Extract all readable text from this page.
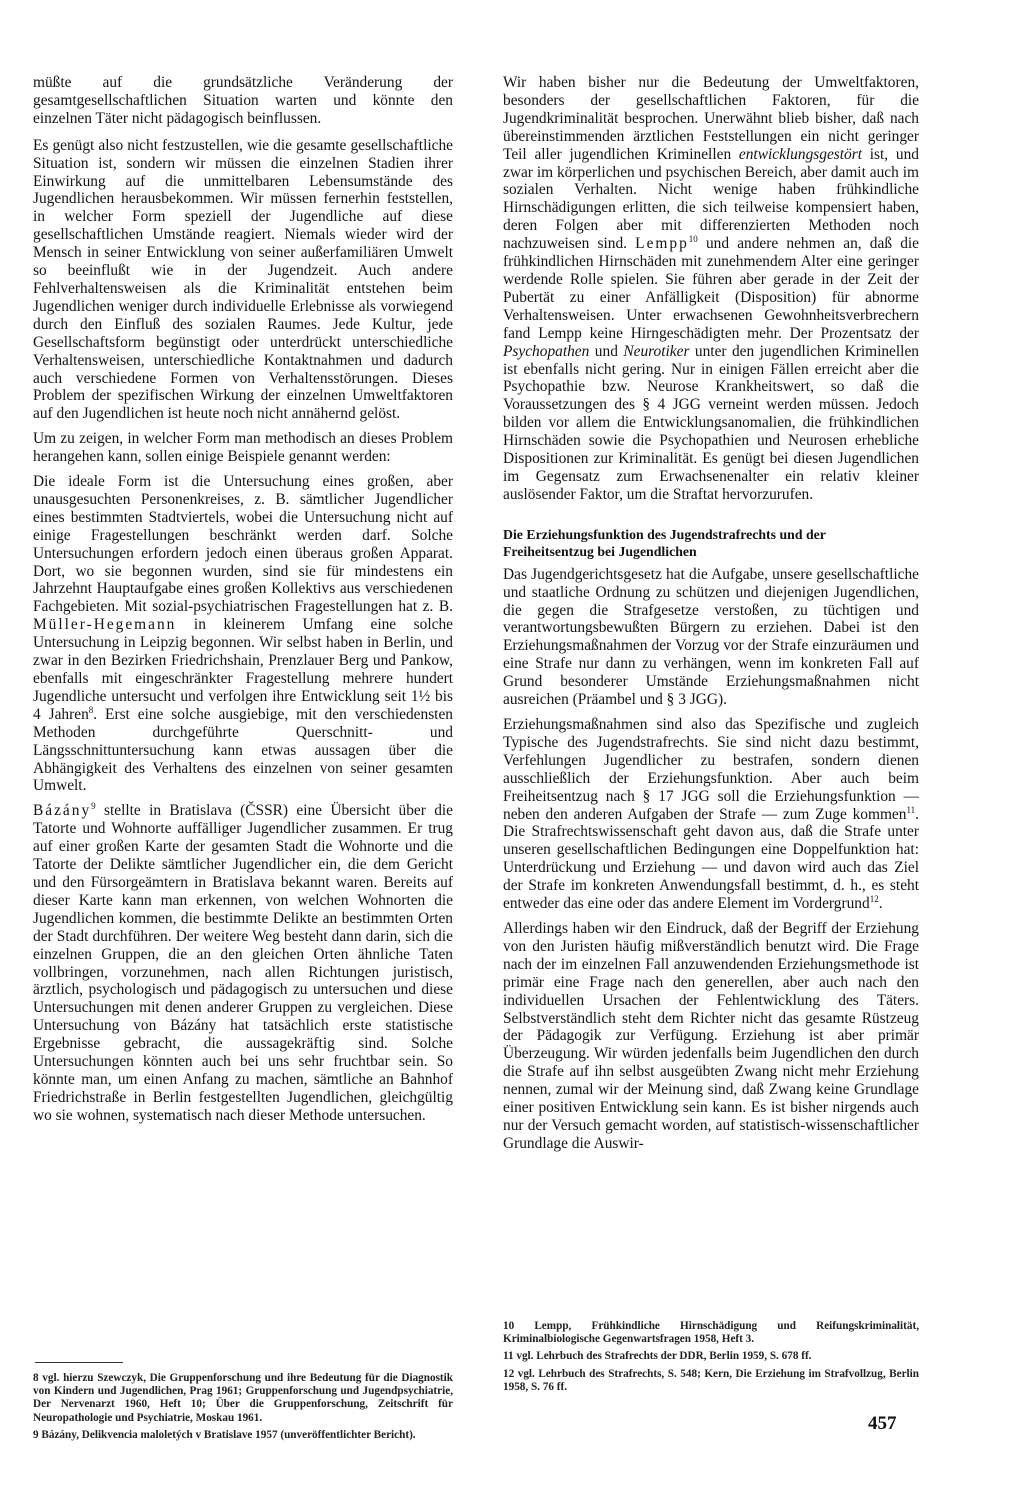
müßte auf die grundsätzliche Veränderung der gesamtgesellschaftlichen Situation warten und könnte den einzelnen Täter nicht pädagogisch beinflussen.

Es genügt also nicht festzustellen, wie die gesamte gesellschaftliche Situation ist, sondern wir müssen die einzelnen Stadien ihrer Einwirkung auf die unmittelbaren Lebensumstände des Jugendlichen herausbekommen. Wir müssen fernerhin feststellen, in welcher Form speziell der Jugendliche auf diese gesellschaftlichen Umstände reagiert. Niemals wieder wird der Mensch in seiner Entwicklung von seiner außerfamiliären Umwelt so beeinflußt wie in der Jugendzeit. Auch andere Fehlverhaltensweisen als die Kriminalität entstehen beim Jugendlichen weniger durch individuelle Erlebnisse als vorwiegend durch den Einfluß des sozialen Raumes. Jede Kultur, jede Gesellschaftsform begünstigt oder unterdrückt unterschiedliche Verhaltensweisen, unterschiedliche Kontaktnahmen und dadurch auch verschiedene Formen von Verhaltensstörungen. Dieses Problem der spezifischen Wirkung der einzelnen Umweltfaktoren auf den Jugendlichen ist heute noch nicht annähernd gelöst.

Um zu zeigen, in welcher Form man methodisch an dieses Problem herangehen kann, sollen einige Beispiele genannt werden:

Die ideale Form ist die Untersuchung eines großen, aber unausgesuchten Personenkreises, z. B. sämtlicher Jugendlicher eines bestimmten Stadtviertels, wobei die Untersuchung nicht auf einige Fragestellungen beschränkt werden darf. Solche Untersuchungen erfordern jedoch einen überaus großen Apparat. Dort, wo sie begonnen wurden, sind sie für mindestens ein Jahrzehnt Hauptaufgabe eines großen Kollektivs aus verschiedenen Fachgebieten. Mit sozial-psychiatrischen Fragestellungen hat z. B. Müller-Hegemann in kleinerem Umfang eine solche Untersuchung in Leipzig begonnen. Wir selbst haben in Berlin, und zwar in den Bezirken Friedrichshain, Prenzlauer Berg und Pankow, ebenfalls mit eingeschränkter Fragestellung mehrere hundert Jugendliche untersucht und verfolgen ihre Entwicklung seit 1½ bis 4 Jahren$^8$. Erst eine solche ausgiebige, mit den verschiedensten Methoden durchgeführte Querschnitt- und Längsschnittuntersuchung kann etwas aussagen über die Abhängigkeit des Verhaltens des einzelnen von seiner gesamten Umwelt.

Bázány$^9$ stellte in Bratislava (ČSSR) eine Übersicht über die Tatorte und Wohnorte auffälliger Jugendlicher zusammen. Er trug auf einer großen Karte der gesamten Stadt die Wohnorte und die Tatorte der Delikte sämtlicher Jugendlicher ein, die dem Gericht und den Fürsorgeämtern in Bratislava bekannt waren. Bereits auf dieser Karte kann man erkennen, von welchen Wohnorten die Jugendlichen kommen, die bestimmte Delikte an bestimmten Orten der Stadt durchführen. Der weitere Weg besteht dann darin, sich die einzelnen Gruppen, die an den gleichen Orten ähnliche Taten vollbringen, vorzunehmen, nach allen Richtungen juristisch, ärztlich, psychologisch und pädagogisch zu untersuchen und diese Untersuchungen mit denen anderer Gruppen zu vergleichen. Diese Untersuchung von Bázány hat tatsächlich erste statistische Ergebnisse gebracht, die aussagekräftig sind. Solche Untersuchungen könnten auch bei uns sehr fruchtbar sein. So könnte man, um einen Anfang zu machen, sämtliche an Bahnhof Friedrichstraße in Berlin festgestellten Jugendlichen, gleichgültig wo sie wohnen, systematisch nach dieser Methode untersuchen.

8 vgl. hierzu Szewczyk, Die Gruppenforschung und ihre Bedeutung für die Diagnostik von Kindern und Jugendlichen, Prag 1961; Gruppenforschung und Jugendpsychiatrie, Der Nervenarzt 1960, Heft 10; Über die Gruppenforschung, Zeitschrift für Neuropathologie und Psychiatrie, Moskau 1961.
9 Bázány, Delikvencia maloletých v Bratislave 1957 (unveröffentlichter Bericht).

Wir haben bisher nur die Bedeutung der Umweltfaktoren, besonders der gesellschaftlichen Faktoren, für die Jugendkriminalität besprochen. Unerwähnt blieb bisher, daß nach übereinstimmenden ärztlichen Feststellungen ein nicht geringer Teil aller jugendlichen Kriminellen entwicklungsgestört ist, und zwar im körperlichen und psychischen Bereich, aber damit auch im sozialen Verhalten. Nicht wenige haben frühkindliche Hirnschädigungen erlitten, die sich teilweise kompensiert haben, deren Folgen aber mit differenzierten Methoden noch nachzuweisen sind. Lempp$^{10}$ und andere nehmen an, daß die frühkindlichen Hirnschäden mit zunehmendem Alter eine geringer werdende Rolle spielen. Sie führen aber gerade in der Zeit der Pubertät zu einer Anfälligkeit (Disposition) für abnorme Verhaltensweisen. Unter erwachsenen Gewohnheitsverbrechern fand Lempp keine Hirngeschädigten mehr. Der Prozentsatz der Psychopathen und Neurotiker unter den jugendlichen Kriminellen ist ebenfalls nicht gering. Nur in einigen Fällen erreicht aber die Psychopathie bzw. Neurose Krankheitswert, so daß die Voraussetzungen des § 4 JGG verneint werden müssen. Jedoch bilden vor allem die Entwicklungsanomalien, die frühkindlichen Hirnschäden sowie die Psychopathien und Neurosen erhebliche Dispositionen zur Kriminalität. Es genügt bei diesen Jugendlichen im Gegensatz zum Erwachsenenalter ein relativ kleiner auslösender Faktor, um die Straftat hervorzurufen.

Die Erziehungsfunktion des Jugendstrafrechts und der Freiheitsentzug bei Jugendlichen

Das Jugendgerichtsgesetz hat die Aufgabe, unsere gesellschaftliche und staatliche Ordnung zu schützen und diejenigen Jugendlichen, die gegen die Strafgesetze verstoßen, zu tüchtigen und verantwortungsbewußten Bürgern zu erziehen. Dabei ist den Erziehungsmaßnahmen der Vorzug vor der Strafe einzuräumen und eine Strafe nur dann zu verhängen, wenn im konkreten Fall auf Grund besonderer Umstände Erziehungsmaßnahmen nicht ausreichen (Präambel und § 3 JGG).

Erziehungsmaßnahmen sind also das Spezifische und zugleich Typische des Jugendstrafrechts. Sie sind nicht dazu bestimmt, Verfehlungen Jugendlicher zu bestrafen, sondern dienen ausschließlich der Erziehungsfunktion. Aber auch beim Freiheitsentzug nach § 17 JGG soll die Erziehungsfunktion — neben den anderen Aufgaben der Strafe — zum Zuge kommen$^{11}$. Die Strafrechtswissenschaft geht davon aus, daß die Strafe unter unseren gesellschaftlichen Bedingungen eine Doppelfunktion hat: Unterdrückung und Erziehung — und davon wird auch das Ziel der Strafe im konkreten Anwendungsfall bestimmt, d. h., es steht entweder das eine oder das andere Element im Vordergrund$^{12}$.

Allerdings haben wir den Eindruck, daß der Begriff der Erziehung von den Juristen häufig mißverständlich benutzt wird. Die Frage nach der im einzelnen Fall anzuwendenden Erziehungsmethode ist primär eine Frage nach den generellen, aber auch nach den individuellen Ursachen der Fehlentwicklung des Täters. Selbstverständlich steht dem Richter nicht das gesamte Rüstzeug der Pädagogik zur Verfügung. Erziehung ist aber primär Überzeugung. Wir würden jedenfalls beim Jugendlichen den durch die Strafe auf ihn selbst ausgeübten Zwang nicht mehr Erziehung nennen, zumal wir der Meinung sind, daß Zwang keine Grundlage einer positiven Entwicklung sein kann. Es ist bisher nirgends auch nur der Versuch gemacht worden, auf statistisch-wissenschaftlicher Grundlage die Auswir-

10 Lempp, Frühkindliche Hirnschädigung und Reifungskriminalität, Kriminalbiologische Gegenwartsfragen 1958, Heft 3.
11 vgl. Lehrbuch des Strafrechts der DDR, Berlin 1959, S. 678 ff.
12 vgl. Lehrbuch des Strafrechts, S. 548; Kern, Die Erziehung im Strafvollzug, Berlin 1958, S. 76 ff.
457
